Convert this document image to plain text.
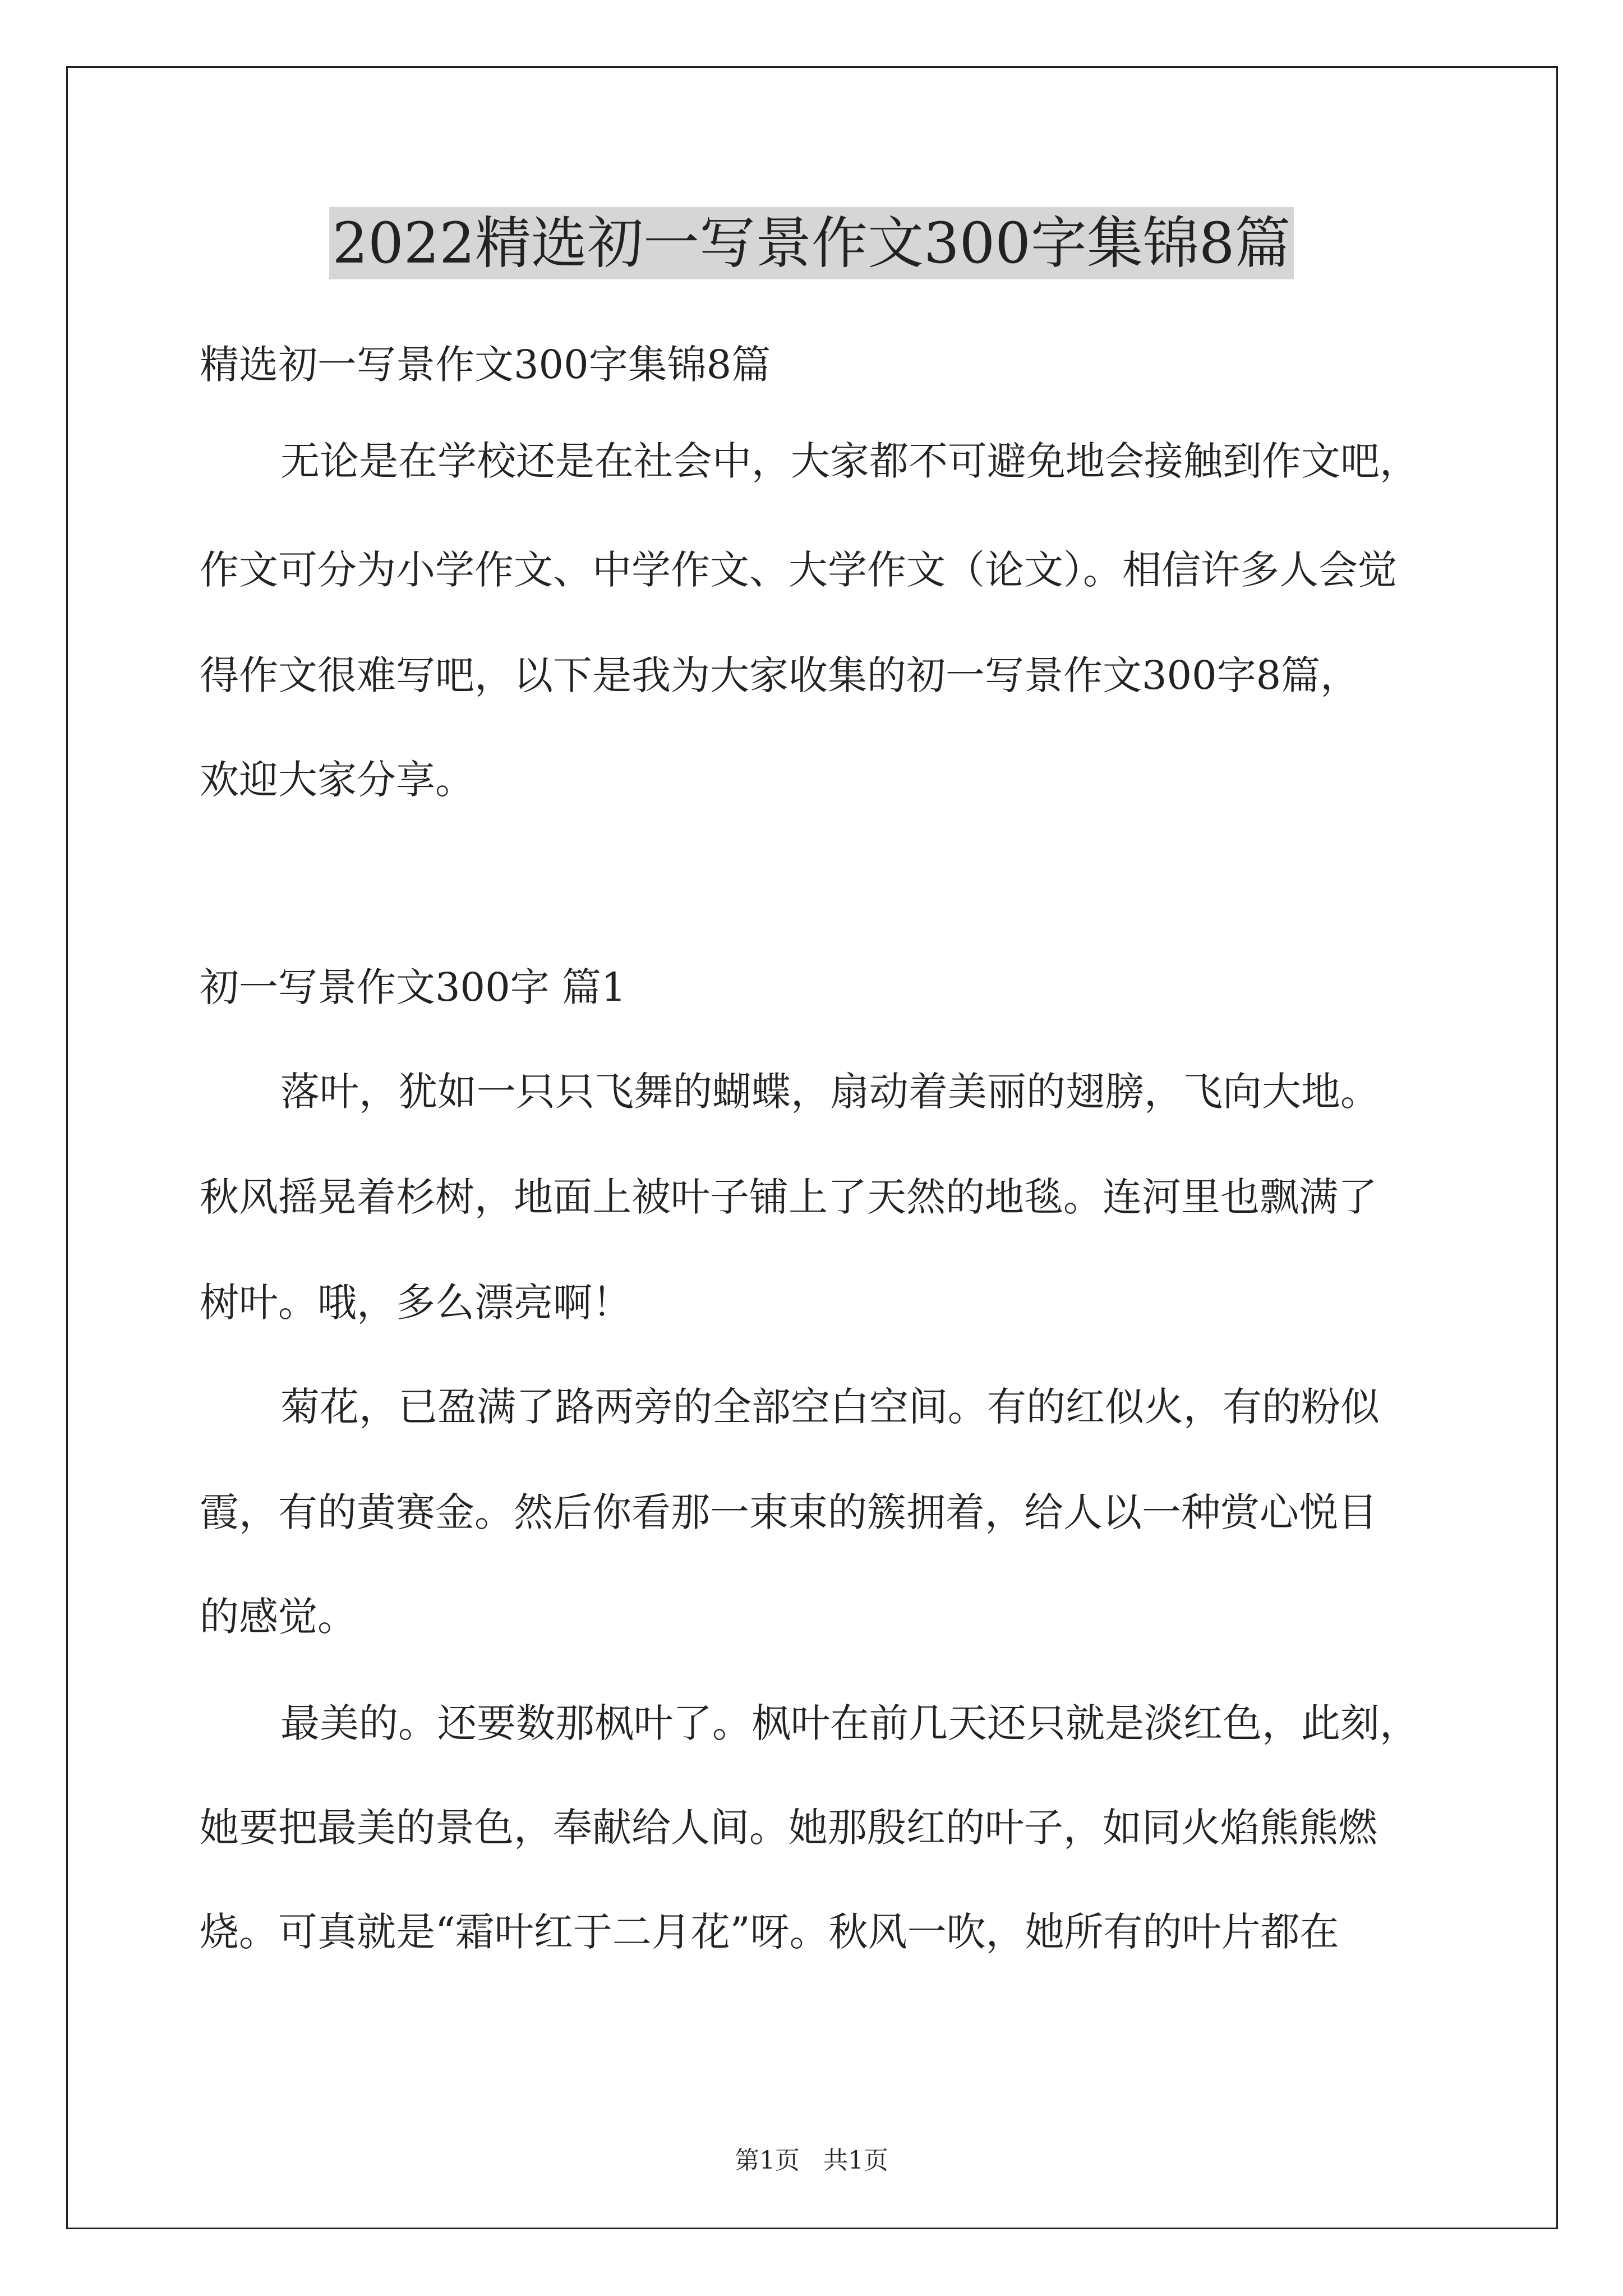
2022精选初一写景作文300字集锦8篇

精选初一写景作文300字集锦8篇

无论是在学校还是在社会中，大家都不可避免地会接触到作文吧，

作文可分为小学作文、中学作文、大学作文（论文）。相信许多人会觉

得作文很难写吧，以下是我为大家收集的初一写景作文300字8篇，

欢迎大家分享。

初一写景作文300字 篇1

落叶，犹如一只只飞舞的蝴蝶，扇动着美丽的翅膀，飞向大地。

秋风摇晃着杉树，地面上被叶子铺上了天然的地毯。连河里也飘满了

树叶。哦，多么漂亮啊！

菊花，已盈满了路两旁的全部空白空间。有的红似火，有的粉似

霞，有的黄赛金。然后你看那一束束的簇拥着，给人以一种赏心悦目

的感觉。

最美的。还要数那枫叶了。枫叶在前几天还只就是淡红色，此刻，

她要把最美的景色，奉献给人间。她那殷红的叶子，如同火焰熊熊燃

烧。可真就是“霜叶红于二月花”呀。秋风一吹，她所有的叶片都在

第1页   共1页
